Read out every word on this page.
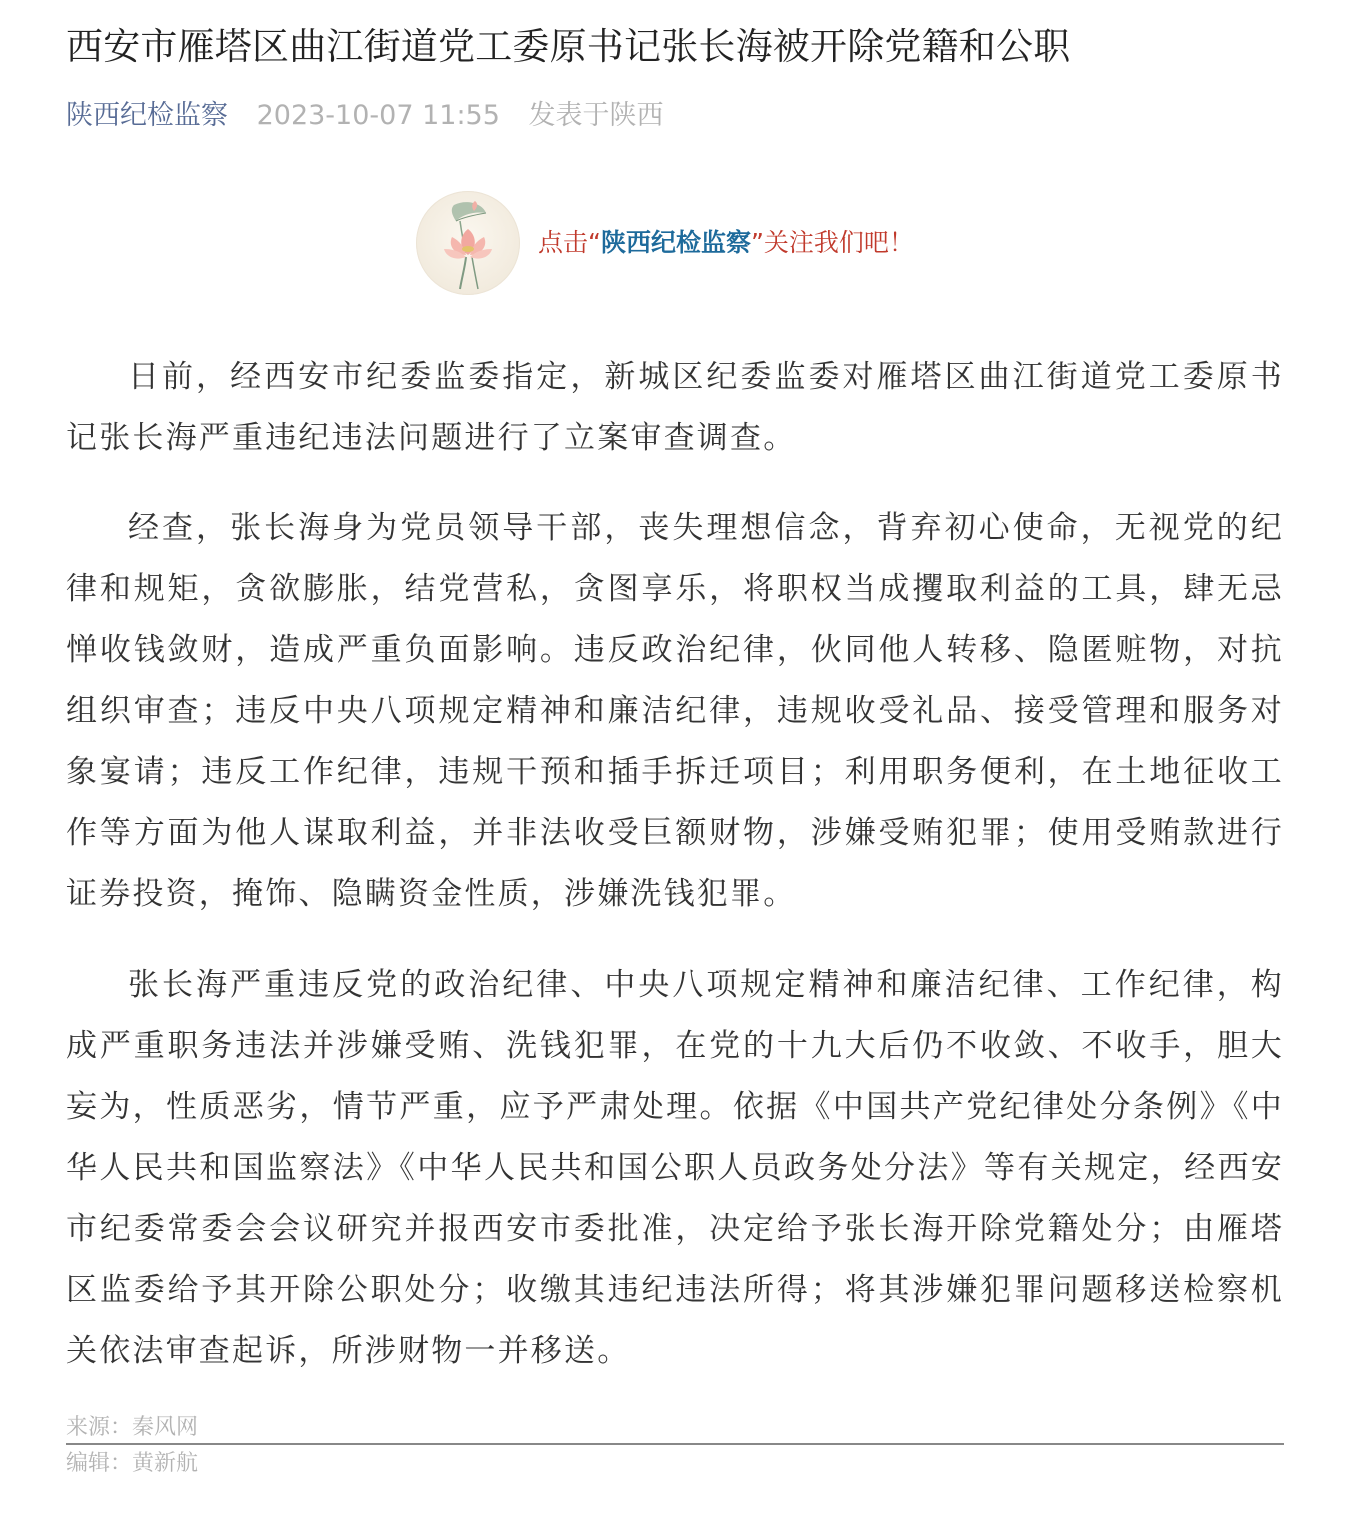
西安市雁塔区曲江街道党工委原书记张长海被开除党籍和公职
陕西纪检监察 2023-10-07 11:55 发表于陕西
点击“陕西纪检监察”关注我们吧！

日前，经西安市纪委监委指定，新城区纪委监委对雁塔区曲江街道党工委原书记张长海严重违纪违法问题进行了立案审查调查。

经查，张长海身为党员领导干部，丧失理想信念，背弃初心使命，无视党的纪律和规矩，贪欲膨胀，结党营私，贪图享乐，将职权当成攫取利益的工具，肆无忌惮收钱敛财，造成严重负面影响。违反政治纪律，伙同他人转移、隐匿赃物，对抗组织审查；违反中央八项规定精神和廉洁纪律，违规收受礼品、接受管理和服务对象宴请；违反工作纪律，违规干预和插手拆迁项目；利用职务便利，在土地征收工作等方面为他人谋取利益，并非法收受巨额财物，涉嫌受贿犯罪；使用受贿款进行证券投资，掩饰、隐瞒资金性质，涉嫌洗钱犯罪。

张长海严重违反党的政治纪律、中央八项规定精神和廉洁纪律、工作纪律，构成严重职务违法并涉嫌受贿、洗钱犯罪，在党的十九大后仍不收敛、不收手，胆大妄为，性质恶劣，情节严重，应予严肃处理。依据《中国共产党纪律处分条例》《中华人民共和国监察法》《中华人民共和国公职人员政务处分法》等有关规定，经西安市纪委常委会会议研究并报西安市委批准，决定给予张长海开除党籍处分；由雁塔区监委给予其开除公职处分；收缴其违纪违法所得；将其涉嫌犯罪问题移送检察机关依法审查起诉，所涉财物一并移送。

来源：秦风网
编辑：黄新航
